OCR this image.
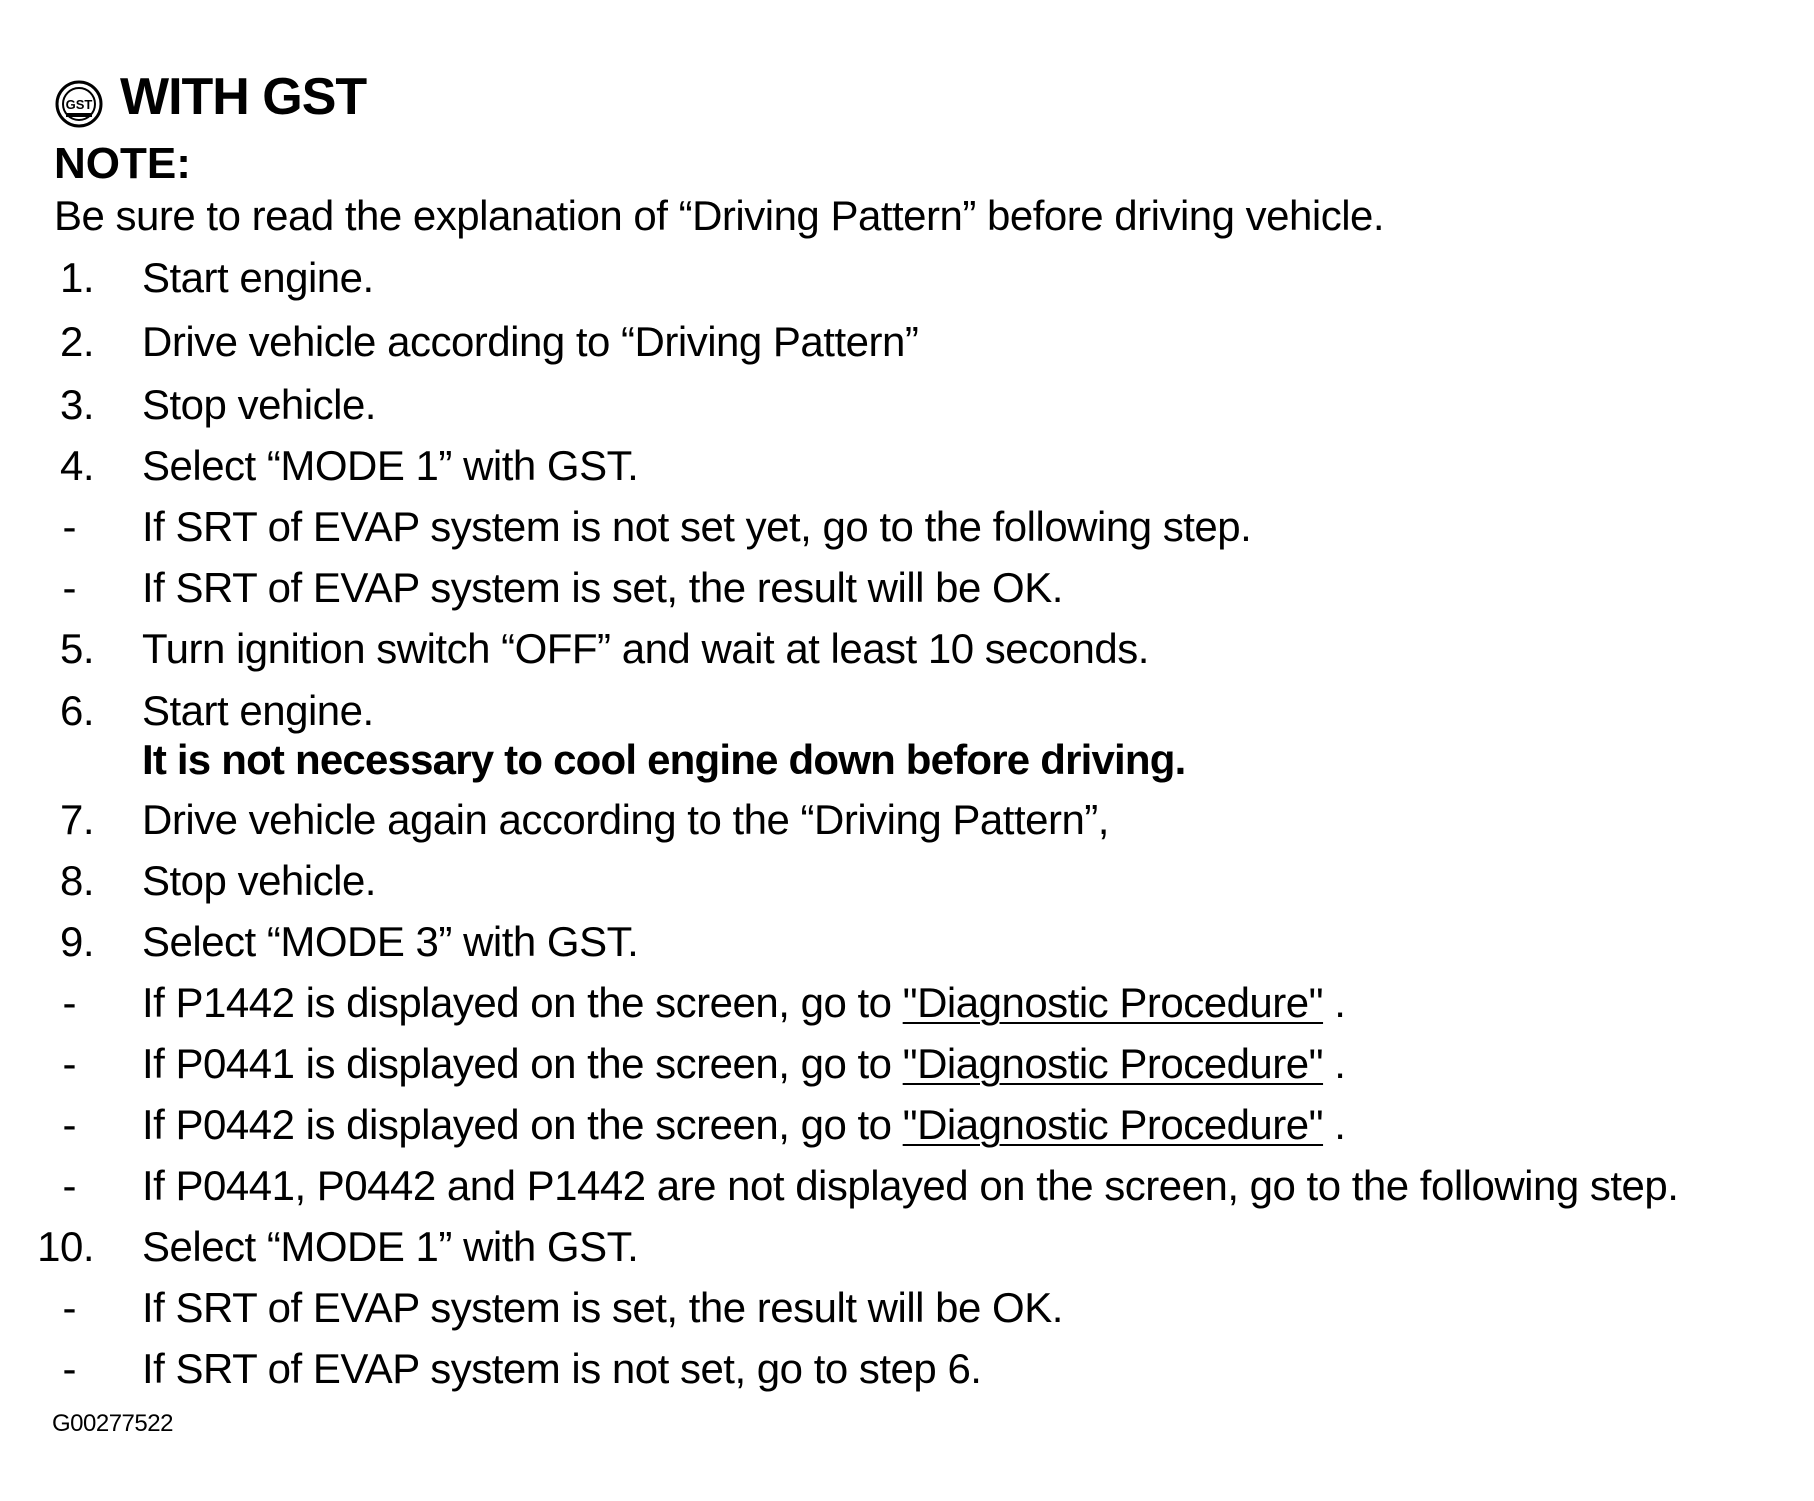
GST WITH GST
NOTE:
Be sure to read the explanation of “Driving Pattern” before driving vehicle.
1. Start engine.
2. Drive vehicle according to “Driving Pattern”
3. Stop vehicle.
4. Select “MODE 1” with GST.
- If SRT of EVAP system is not set yet, go to the following step.
- If SRT of EVAP system is set, the result will be OK.
5. Turn ignition switch “OFF” and wait at least 10 seconds.
6. Start engine.
It is not necessary to cool engine down before driving.
7. Drive vehicle again according to the “Driving Pattern”,
8. Stop vehicle.
9. Select “MODE 3” with GST.
- If P1442 is displayed on the screen, go to "Diagnostic Procedure" .
- If P0441 is displayed on the screen, go to "Diagnostic Procedure" .
- If P0442 is displayed on the screen, go to "Diagnostic Procedure" .
- If P0441, P0442 and P1442 are not displayed on the screen, go to the following step.
10. Select “MODE 1” with GST.
- If SRT of EVAP system is set, the result will be OK.
- If SRT of EVAP system is not set, go to step 6.
G00277522
